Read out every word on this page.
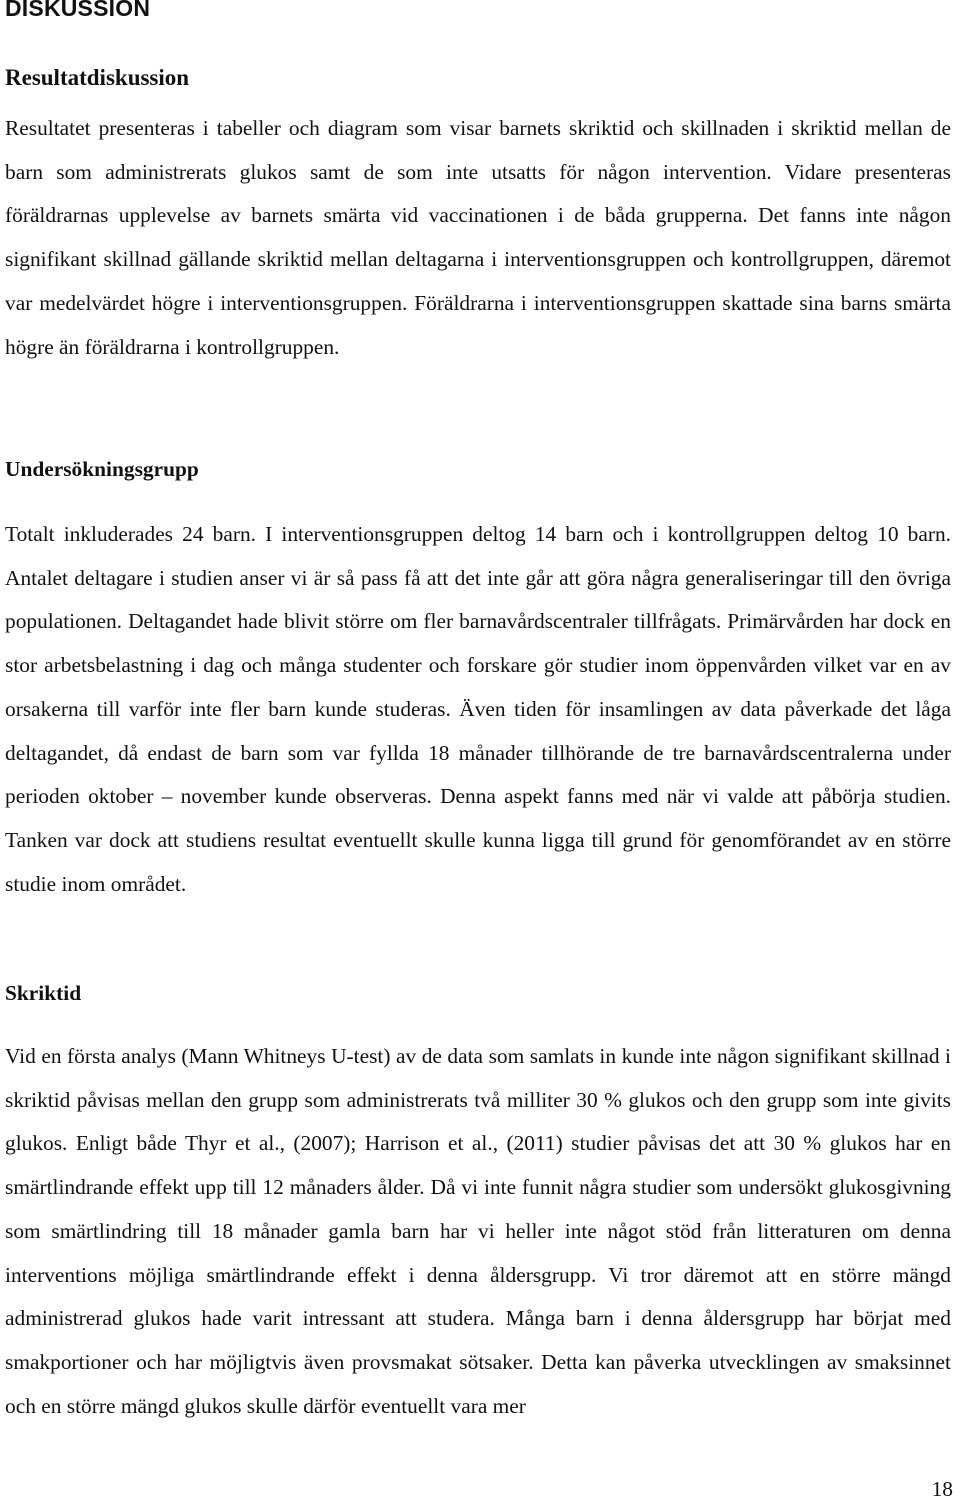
DISKUSSION
Resultatdiskussion

Resultatet presenteras i tabeller och diagram som visar barnets skriktid och skillnaden i skriktid mellan de barn som administrerats glukos samt de som inte utsatts för någon intervention. Vidare presenteras föräldrarnas upplevelse av barnets smärta vid vaccinationen i de båda grupperna. Det fanns inte någon signifikant skillnad gällande skriktid mellan deltagarna i interventionsgruppen och kontrollgruppen, däremot var medelvärdet högre i interventionsgruppen. Föräldrarna i interventionsgruppen skattade sina barns smärta högre än föräldrarna i kontrollgruppen.

Undersökningsgrupp

Totalt inkluderades 24 barn. I interventionsgruppen deltog 14 barn och i kontrollgruppen deltog 10 barn. Antalet deltagare i studien anser vi är så pass få att det inte går att göra några generaliseringar till den övriga populationen. Deltagandet hade blivit större om fler barnavårdscentraler tillfrågats. Primärvården har dock en stor arbetsbelastning i dag och många studenter och forskare gör studier inom öppenvården vilket var en av orsakerna till varför inte fler barn kunde studeras. Även tiden för insamlingen av data påverkade det låga deltagandet, då endast de barn som var fyllda 18 månader tillhörande de tre barnavårdscentralerna under perioden oktober – november kunde observeras. Denna aspekt fanns med när vi valde att påbörja studien. Tanken var dock att studiens resultat eventuellt skulle kunna ligga till grund för genomförandet av en större studie inom området.

Skriktid

Vid en första analys (Mann Whitneys U-test) av de data som samlats in kunde inte någon signifikant skillnad i skriktid påvisas mellan den grupp som administrerats två milliter 30 % glukos och den grupp som inte givits glukos. Enligt både Thyr et al., (2007); Harrison et al., (2011) studier påvisas det att 30 % glukos har en smärtlindrande effekt upp till 12 månaders ålder. Då vi inte funnit några studier som undersökt glukosgivning som smärtlindring till 18 månader gamla barn har vi heller inte något stöd från litteraturen om denna interventions möjliga smärtlindrande effekt i denna åldersgrupp. Vi tror däremot att en större mängd administrerad glukos hade varit intressant att studera. Många barn i denna åldersgrupp har börjat med smakportioner och har möjligtvis även provsmakat sötsaker. Detta kan påverka utvecklingen av smaksinnet och en större mängd glukos skulle därför eventuellt vara mer

18
